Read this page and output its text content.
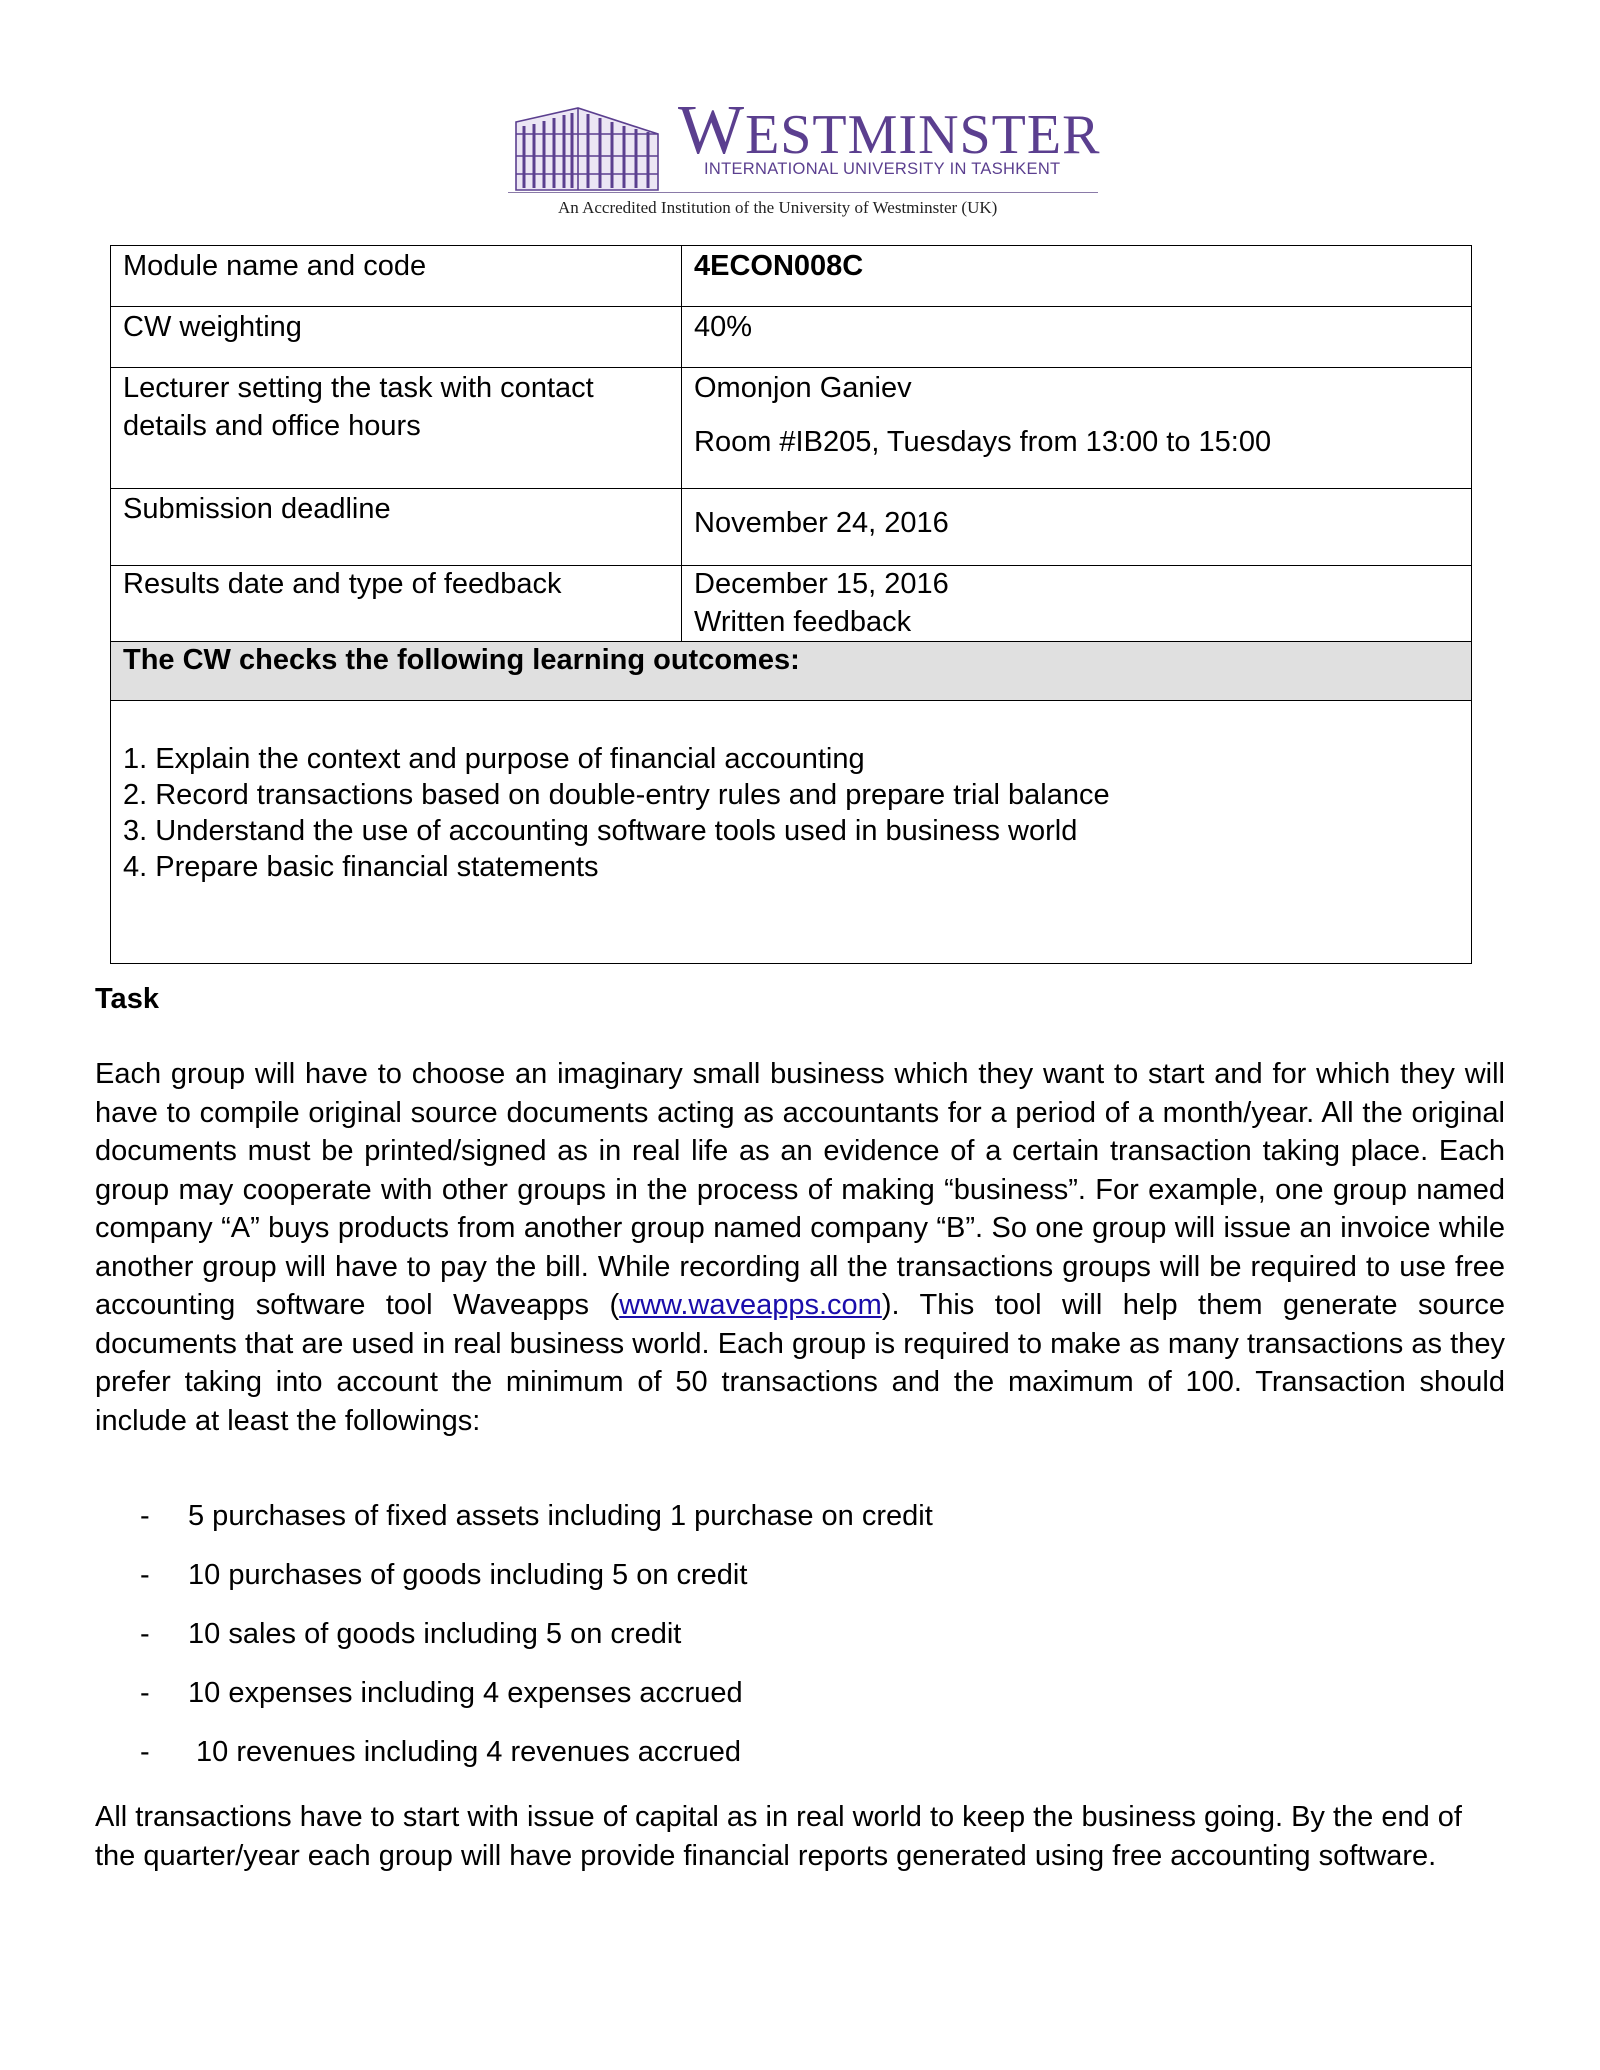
WESTMINSTER
INTERNATIONAL UNIVERSITY IN TASHKENT
An Accredited Institution of the University of Westminster (UK)
Module name and code	4ECON008C
CW weighting	40%
Lecturer setting the task with contact details and office hours	Omonjon Ganiev
Room #IB205, Tuesdays from 13:00 to 15:00

Submission deadline	November 24, 2016

Results date and type of feedback	December 15, 2016
Written feedback

The CW checks the following learning outcomes:	

1. Explain the context and purpose of financial accounting
2. Record transactions based on double-entry rules and prepare trial balance
3. Understand the use of accounting software tools used in business world
4. Prepare basic financial statements	
Task
Each group will have to choose an imaginary small business which they want to start and for which they will have to compile original source documents acting as accountants for a period of a month/year. All the original documents must be printed/signed as in real life as an evidence of a certain transaction taking place. Each group may cooperate with other groups in the process of making “business”. For example, one group named company “A” buys products from another group named company “B”. So one group will issue an invoice while another group will have to pay the bill. While recording all the transactions groups will be required to use free accounting software tool Waveapps (www.waveapps.com). This tool will help them generate source documents that are used in real business world. Each group is required to make as many transactions as they prefer taking into account the minimum of 50 transactions and the maximum of 100. Transaction should include at least the followings:
- 5 purchases of fixed assets including 1 purchase on credit
- 10 purchases of goods including 5 on credit
- 10 sales of goods including 5 on credit
- 10 expenses including 4 expenses accrued
- 10 revenues including 4 revenues accrued
All transactions have to start with issue of capital as in real world to keep the business going. By the end of the quarter/year each group will have provide financial reports generated using free accounting software.
